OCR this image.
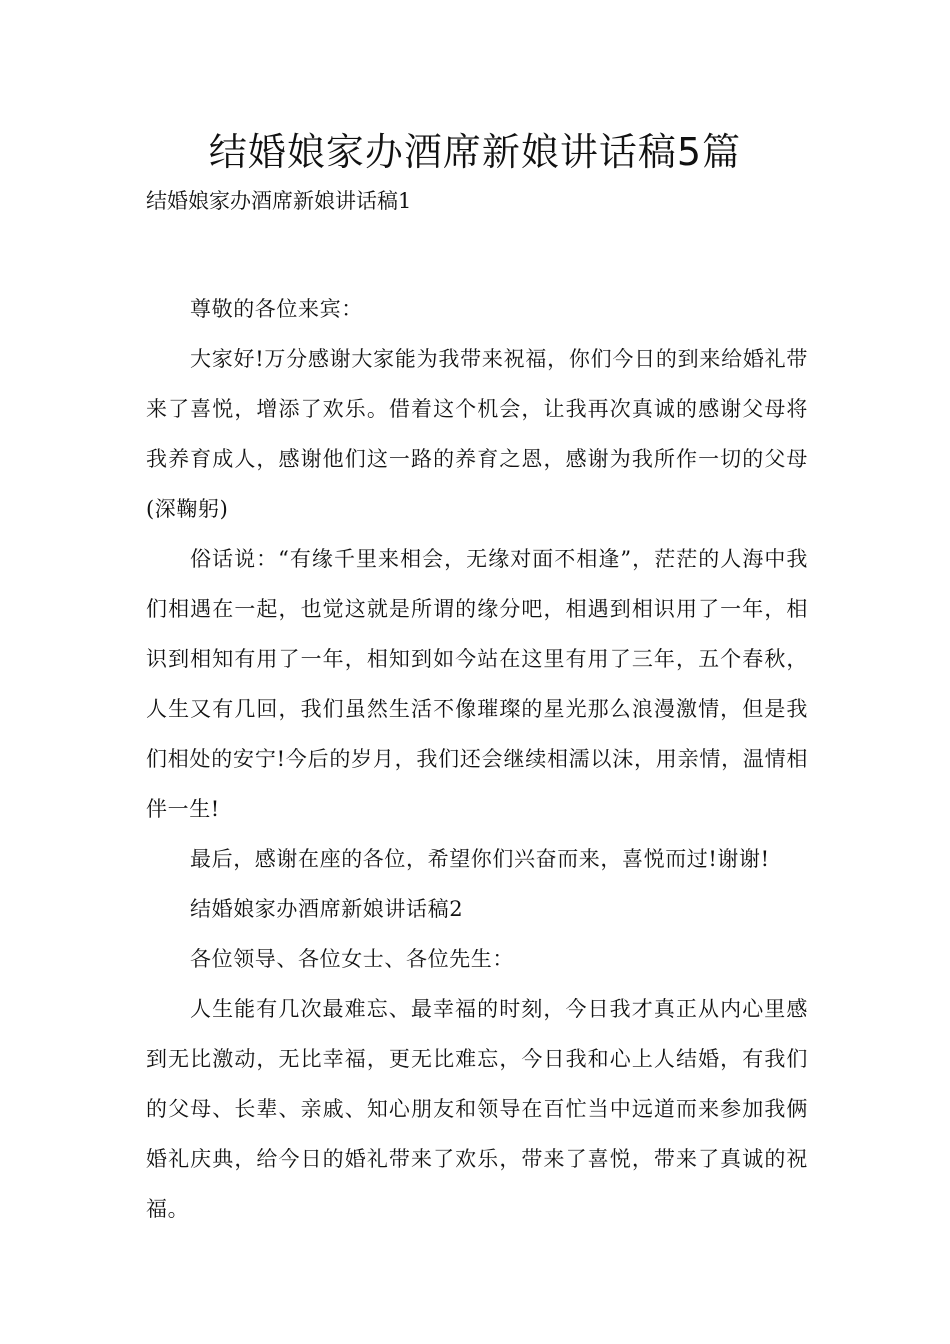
结婚娘家办酒席新娘讲话稿5篇

结婚娘家办酒席新娘讲话稿1

尊敬的各位来宾：

大家好!万分感谢大家能为我带来祝福，你们今日的到来给婚礼带来了喜悦，增添了欢乐。借着这个机会，让我再次真诚的感谢父母将我养育成人，感谢他们这一路的养育之恩，感谢为我所作一切的父母(深鞠躬)

俗话说：“有缘千里来相会，无缘对面不相逢”，茫茫的人海中我们相遇在一起，也觉这就是所谓的缘分吧，相遇到相识用了一年，相识到相知有用了一年，相知到如今站在这里有用了三年，五个春秋，人生又有几回，我们虽然生活不像璀璨的星光那么浪漫激情，但是我们相处的安宁!今后的岁月，我们还会继续相濡以沫，用亲情，温情相伴一生!

最后，感谢在座的各位，希望你们兴奋而来，喜悦而过!谢谢!

结婚娘家办酒席新娘讲话稿2

各位领导、各位女士、各位先生：

人生能有几次最难忘、最幸福的时刻，今日我才真正从内心里感到无比激动，无比幸福，更无比难忘，今日我和心上人结婚，有我们的父母、长辈、亲戚、知心朋友和领导在百忙当中远道而来参加我俩婚礼庆典，给今日的婚礼带来了欢乐，带来了喜悦，带来了真诚的祝福。
